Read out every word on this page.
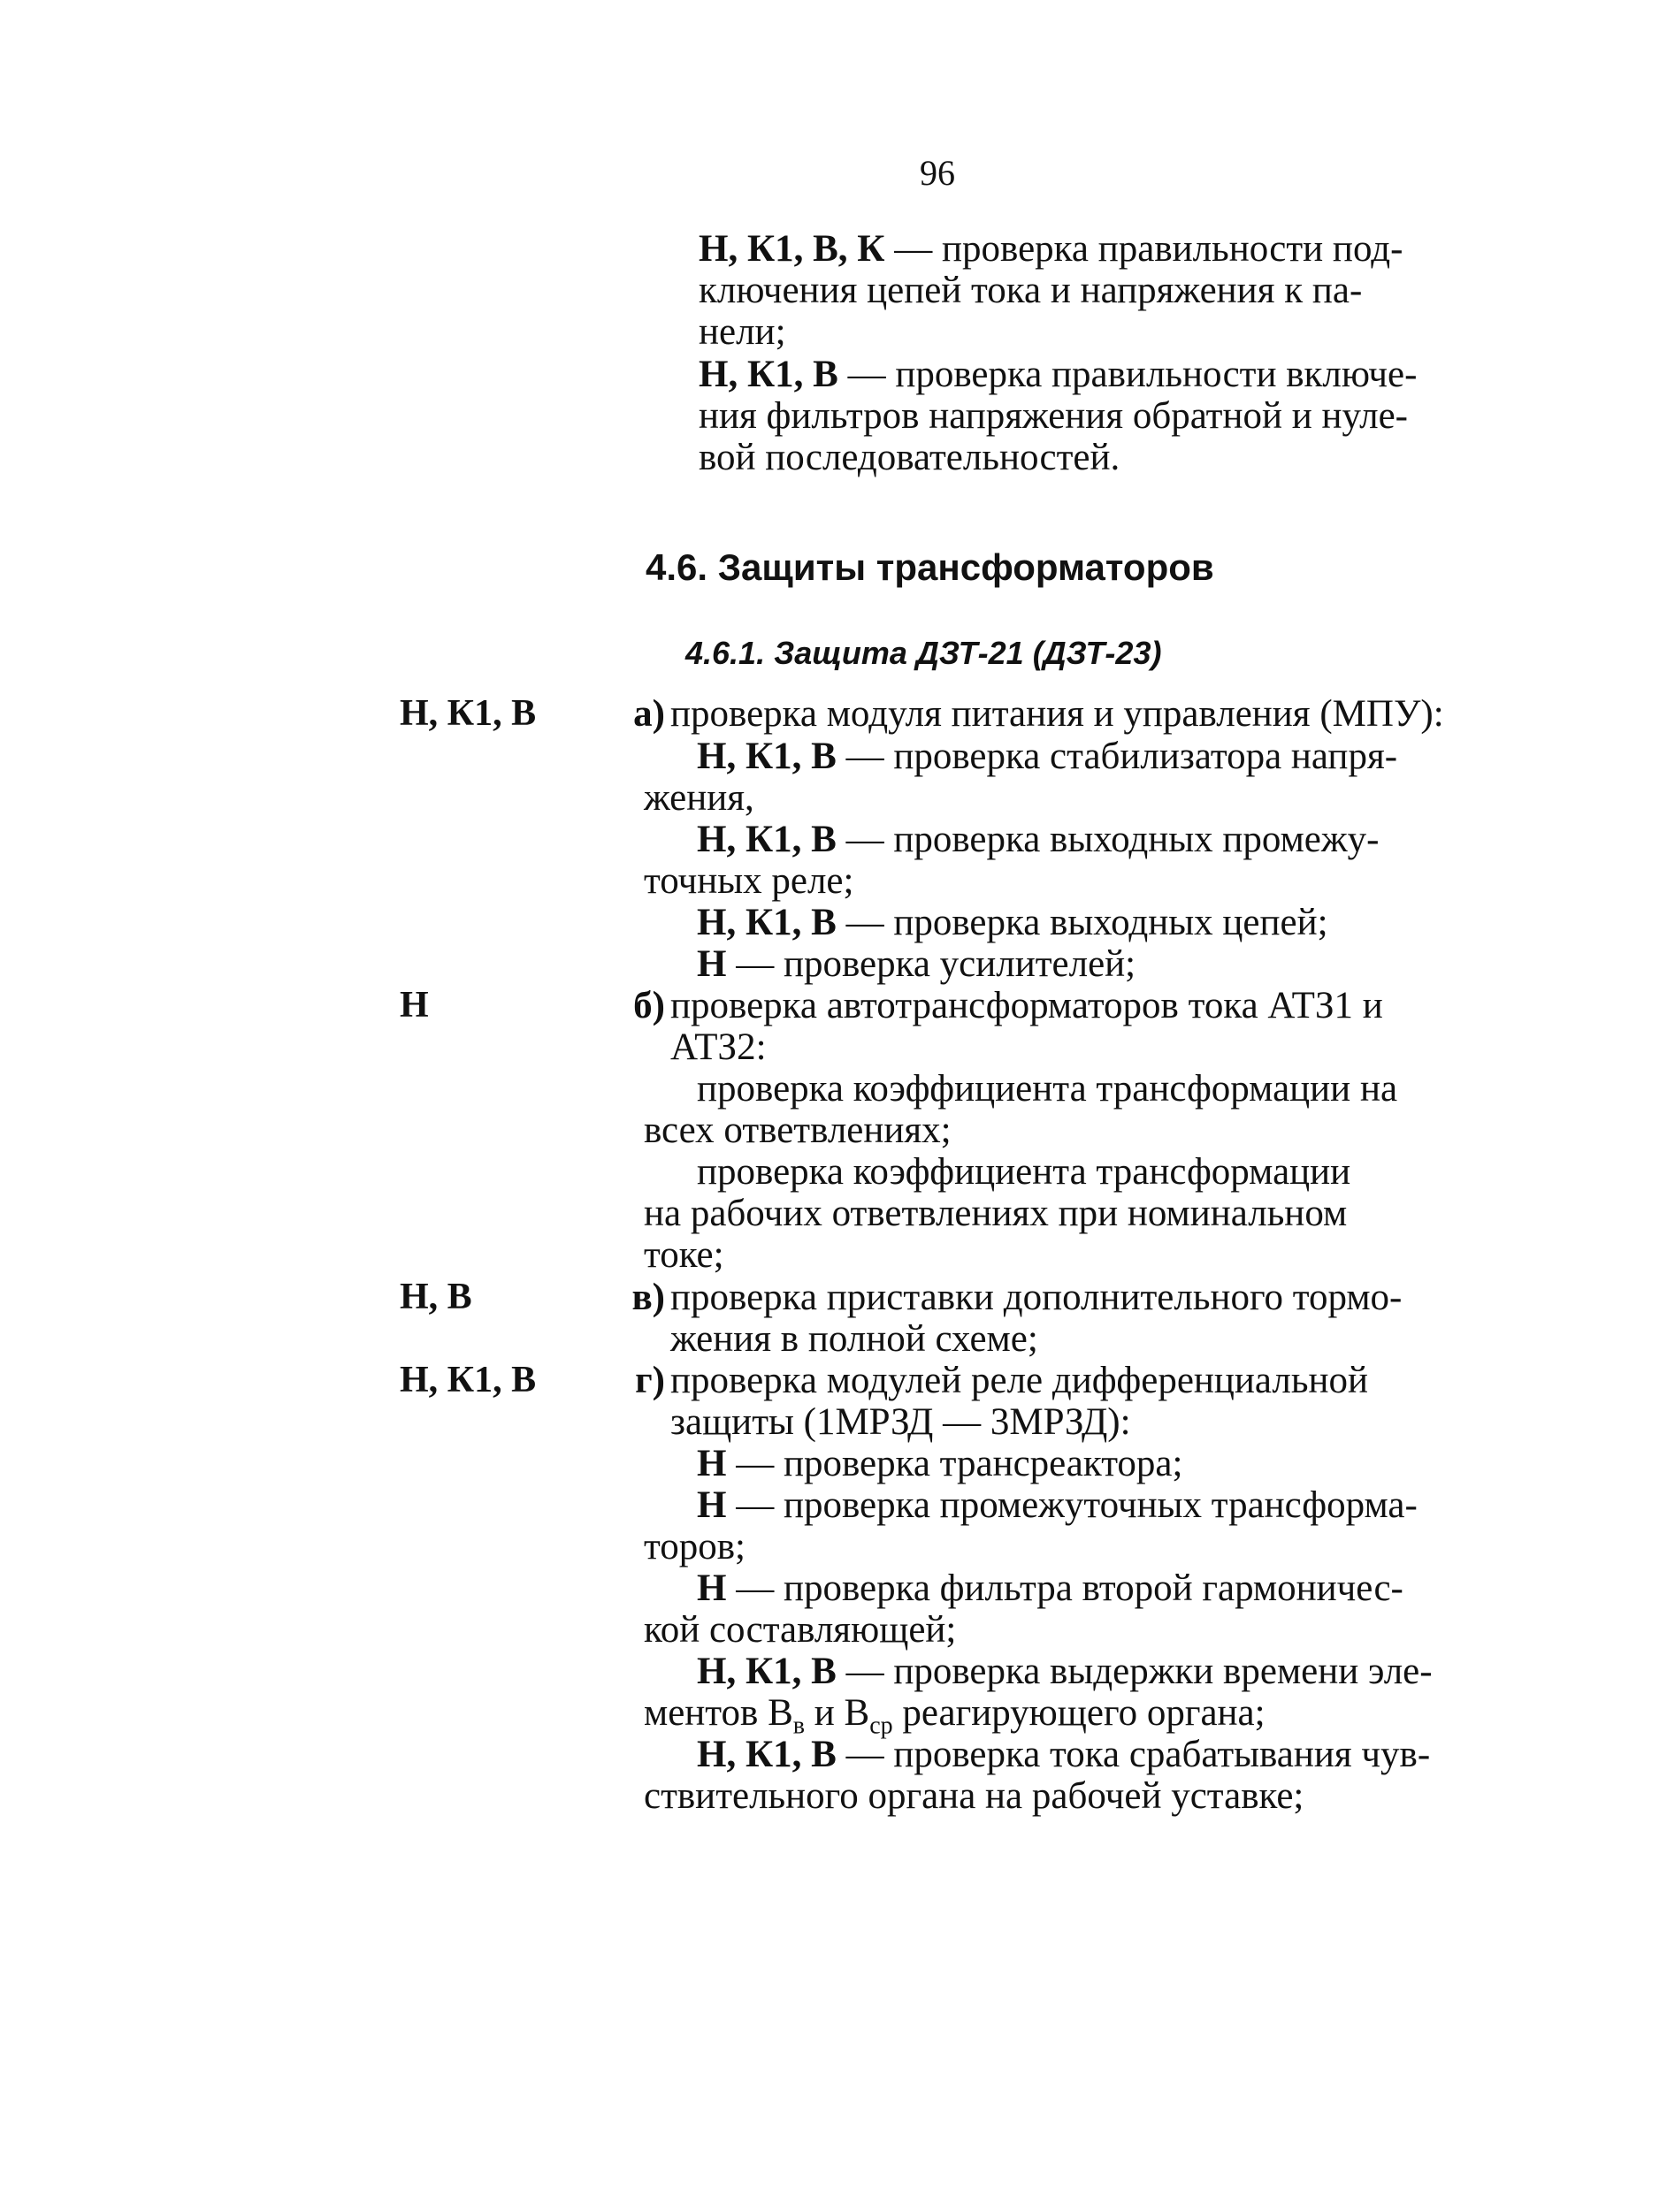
96
Н, К1, В, К — проверка правильности под-
ключения цепей тока и напряжения к па-
нели;
Н, К1, В — проверка правильности включе-
ния фильтров напряжения обратной и нуле-
вой последовательностей.
4.6. Защиты трансформаторов
4.6.1. Защита ДЗТ-21 (ДЗТ-23)
Н, К1, В	а) проверка модуля питания и управления (МПУ):
Н, К1, В — проверка стабилизатора напря-
жения,
Н, К1, В — проверка выходных промежу-
точных реле;
Н, К1, В — проверка выходных цепей;
Н — проверка усилителей;
Н	б) проверка автотрансформаторов тока АТЗ1 и
АТЗ2:
проверка коэффициента трансформации на
всех ответвлениях;
проверка коэффициента трансформации
на рабочих ответвлениях при номинальном
токе;
Н, В	в) проверка приставки дополнительного тормо-
жения в полной схеме;
Н, К1, В	г) проверка модулей реле дифференциальной
защиты (1МРЗД — 3МРЗД):
Н — проверка трансреактора;
Н — проверка промежуточных трансформа-
торов;
Н — проверка фильтра второй гармоничес-
кой составляющей;
Н, К1, В — проверка выдержки времени эле-
ментов $В_в$ и $В_{ср}$ реагирующего органа;
Н, К1, В — проверка тока срабатывания чув-
ствительного органа на рабочей уставке;
